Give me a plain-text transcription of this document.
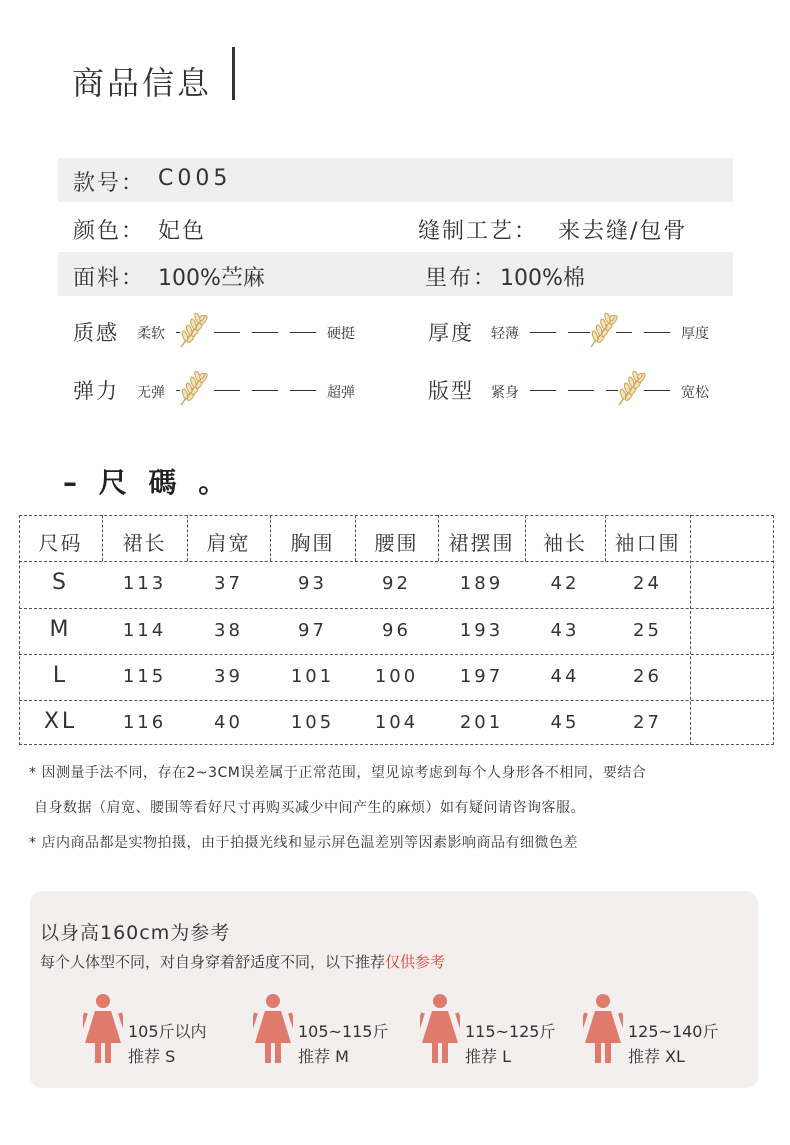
商品信息
款号： C005
颜色： 妃色	缝制工艺： 来去缝/包骨
面料： 100%苎麻	里布： 100%棉
质感 柔软	硬挺	厚度 轻薄	厚度
弹力 无弹	超弹	版型 紧身	宽松
– 尺 碼 。
尺码	裙长	肩宽	胸围	腰围	裙摆围	袖长	袖口围
S	113	37	93	92	189	42	24
M	114	38	97	96	193	43	25
L	115	39	101	100	197	44	26
XL	116	40	105	104	201	45	27
* 因测量手法不同，存在2~3CM误差属于正常范围，望见谅考虑到每个人身形各不相同，要结合
自身数据（肩宽、腰围等看好尺寸再购买减少中间产生的麻烦）如有疑问请咨询客服。
* 店内商品都是实物拍摄，由于拍摄光线和显示屏色温差别等因素影响商品有细微色差
以身高160cm为参考
每个人体型不同，对自身穿着舒适度不同，以下推荐仅供参考
105斤以内
推荐 S
105~115斤
推荐 M
115~125斤
推荐 L
125~140斤
推荐 XL
